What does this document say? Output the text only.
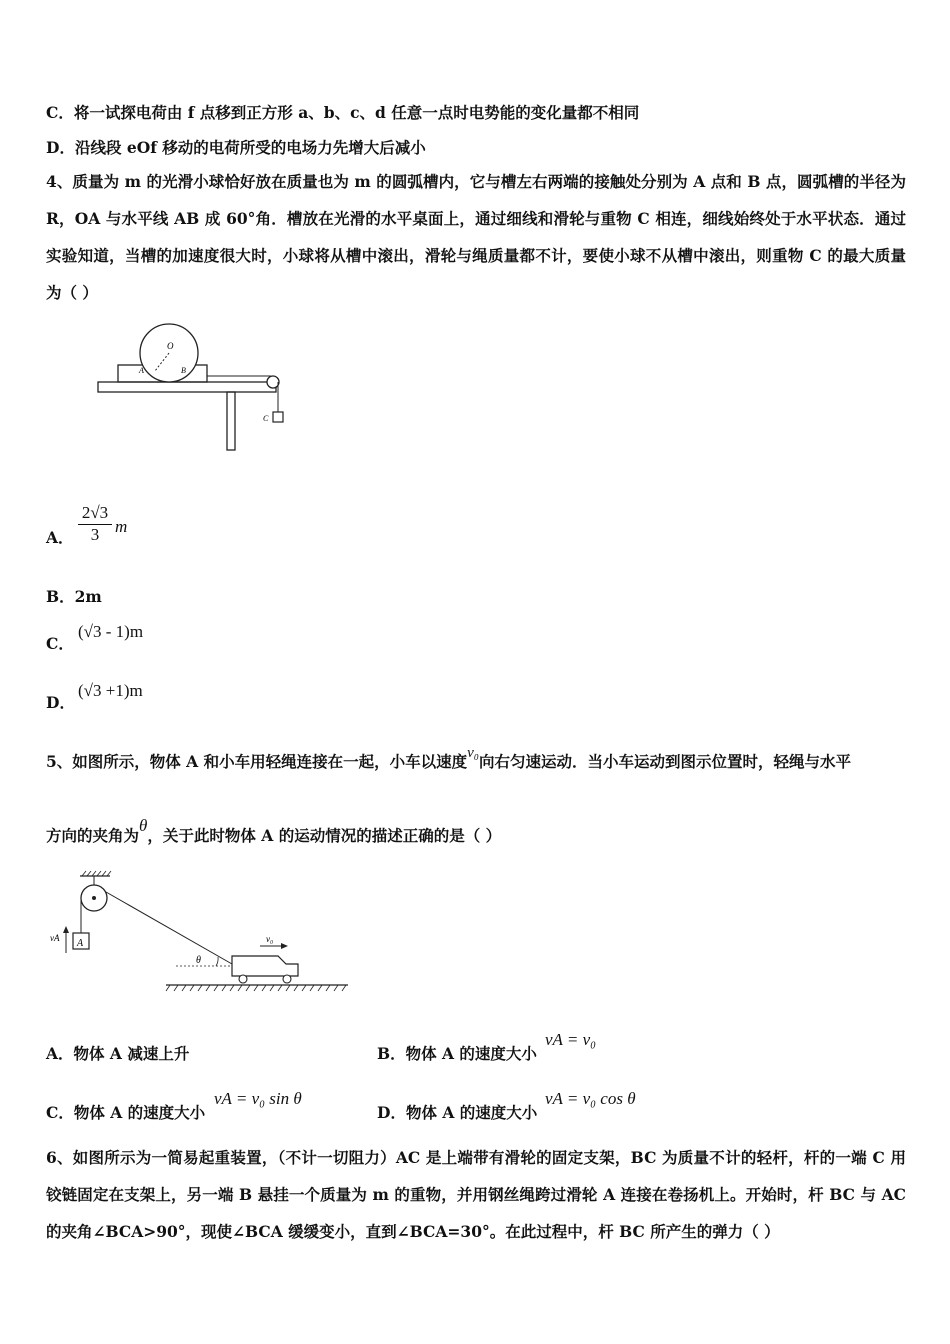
C．将一试探电荷由 f 点移到正方形 a、b、c、d 任意一点时电势能的变化量都不相同
D．沿线段 eOf 移动的电荷所受的电场力先增大后减小
4、质量为 m 的光滑小球恰好放在质量也为 m 的圆弧槽内，它与槽左右两端的接触处分别为 A 点和 B 点，圆弧槽的半径为 R，OA 与水平线 AB 成 60°角．槽放在光滑的水平桌面上，通过细线和滑轮与重物 C 相连，细线始终处于水平状态．通过实验知道，当槽的加速度很大时，小球将从槽中滚出，滑轮与绳质量都不计，要使小球不从槽中滚出，则重物 C 的最大质量为（ ）
O
A	B
C
A． $\frac{2√3}{3}$ m
B．2m
C．
(√3 - 1)m
D．
(√3 +1)m
5、如图所示，物体 A 和小车用轻绳连接在一起，小车以速度v₀向右匀速运动．当小车运动到图示位置时，轻绳与水平
方向的夹角为θ，关于此时物体 A 的运动情况的描述正确的是（ ）
A
vA
θ
v₀
A．物体 A 减速上升	B．物体 A 的速度大小
vA = v₀
C．物体 A 的速度大小
vA = v₀ sin θ
D．物体 A 的速度大小
vA = v₀ cos θ
6、如图所示为一简易起重装置，（不计一切阻力）AC 是上端带有滑轮的固定支架，BC 为质量不计的轻杆，杆的一端 C 用铰链固定在支架上，另一端 B 悬挂一个质量为 m 的重物，并用钢丝绳跨过滑轮 A 连接在卷扬机上。开始时，杆 BC 与 AC 的夹角∠BCA>90°，现使∠BCA 缓缓变小，直到∠BCA=30°。在此过程中，杆 BC 所产生的弹力（ ）
